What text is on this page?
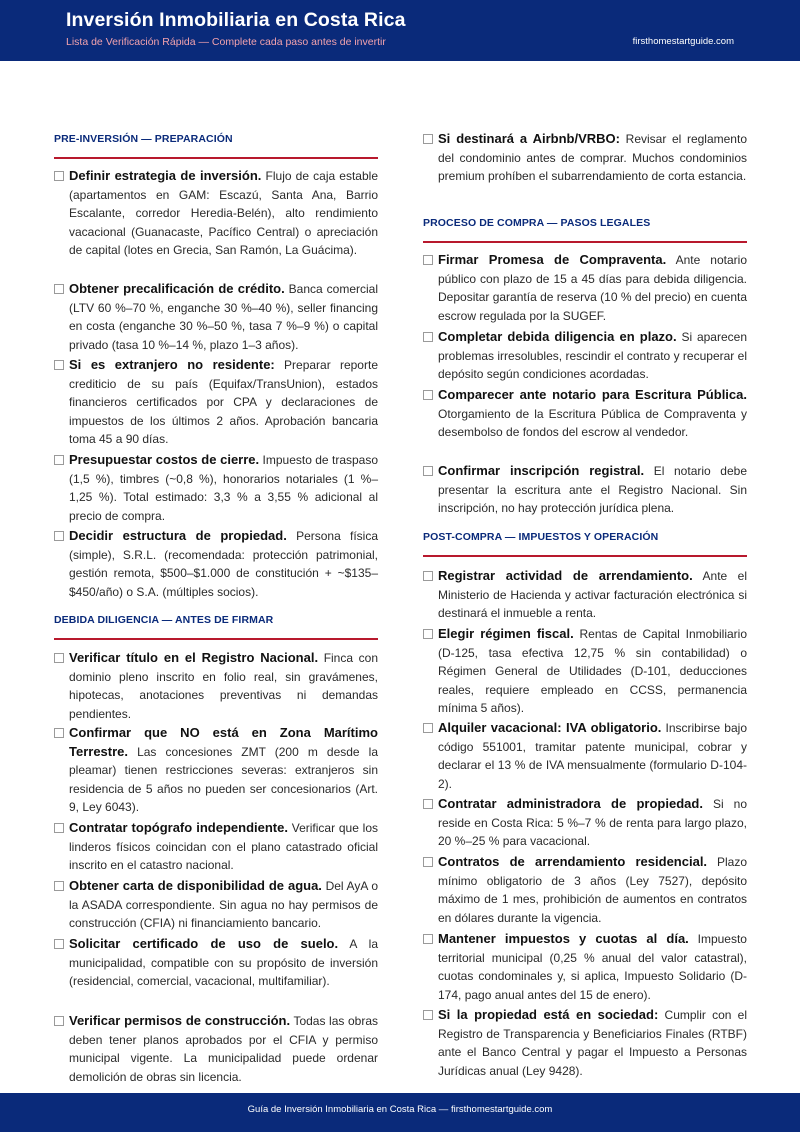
Inversión Inmobiliaria en Costa Rica
Lista de Verificación Rápida — Complete cada paso antes de invertir	firsthomestartguide.com
PRE-INVERSIÓN — PREPARACIÓN
Definir estrategia de inversión. Flujo de caja estable (apartamentos en GAM: Escazú, Santa Ana, Barrio Escalante, corredor Heredia-Belén), alto rendimiento vacacional (Guanacaste, Pacífico Central) o apreciación de capital (lotes en Grecia, San Ramón, La Guácima).
Obtener precalificación de crédito. Banca comercial (LTV 60 %–70 %, enganche 30 %–40 %), seller financing en costa (enganche 30 %–50 %, tasa 7 %–9 %) o capital privado (tasa 10 %–14 %, plazo 1–3 años).
Si es extranjero no residente: Preparar reporte crediticio de su país (Equifax/TransUnion), estados financieros certificados por CPA y declaraciones de impuestos de los últimos 2 años. Aprobación bancaria toma 45 a 90 días.
Presupuestar costos de cierre. Impuesto de traspaso (1,5 %), timbres (~0,8 %), honorarios notariales (1 %–1,25 %). Total estimado: 3,3 % a 3,55 % adicional al precio de compra.
Decidir estructura de propiedad. Persona física (simple), S.R.L. (recomendada: protección patrimonial, gestión remota, $500–$1.000 de constitución + ~$135–$450/año) o S.A. (múltiples socios).
DEBIDA DILIGENCIA — ANTES DE FIRMAR
Verificar título en el Registro Nacional. Finca con dominio pleno inscrito en folio real, sin gravámenes, hipotecas, anotaciones preventivas ni demandas pendientes.
Confirmar que NO está en Zona Marítimo Terrestre. Las concesiones ZMT (200 m desde la pleamar) tienen restricciones severas: extranjeros sin residencia de 5 años no pueden ser concesionarios (Art. 9, Ley 6043).
Contratar topógrafo independiente. Verificar que los linderos físicos coincidan con el plano catastrado oficial inscrito en el catastro nacional.
Obtener carta de disponibilidad de agua. Del AyA o la ASADA correspondiente. Sin agua no hay permisos de construcción (CFIA) ni financiamiento bancario.
Solicitar certificado de uso de suelo. A la municipalidad, compatible con su propósito de inversión (residencial, comercial, vacacional, multifamiliar).
Verificar permisos de construcción. Todas las obras deben tener planos aprobados por el CFIA y permiso municipal vigente. La municipalidad puede ordenar demolición de obras sin licencia.
Si destinará a Airbnb/VRBO: Revisar el reglamento del condominio antes de comprar. Muchos condominios premium prohíben el subarrendamiento de corta estancia.
PROCESO DE COMPRA — PASOS LEGALES
Firmar Promesa de Compraventa. Ante notario público con plazo de 15 a 45 días para debida diligencia. Depositar garantía de reserva (10 % del precio) en cuenta escrow regulada por la SUGEF.
Completar debida diligencia en plazo. Si aparecen problemas irresolubles, rescindir el contrato y recuperar el depósito según condiciones acordadas.
Comparecer ante notario para Escritura Pública. Otorgamiento de la Escritura Pública de Compraventa y desembolso de fondos del escrow al vendedor.
Confirmar inscripción registral. El notario debe presentar la escritura ante el Registro Nacional. Sin inscripción, no hay protección jurídica plena.
POST-COMPRA — IMPUESTOS Y OPERACIÓN
Registrar actividad de arrendamiento. Ante el Ministerio de Hacienda y activar facturación electrónica si destinará el inmueble a renta.
Elegir régimen fiscal. Rentas de Capital Inmobiliario (D-125, tasa efectiva 12,75 % sin contabilidad) o Régimen General de Utilidades (D-101, deducciones reales, requiere empleado en CCSS, permanencia mínima 5 años).
Alquiler vacacional: IVA obligatorio. Inscribirse bajo código 551001, tramitar patente municipal, cobrar y declarar el 13 % de IVA mensualmente (formulario D-104-2).
Contratar administradora de propiedad. Si no reside en Costa Rica: 5 %–7 % de renta para largo plazo, 20 %–25 % para vacacional.
Contratos de arrendamiento residencial. Plazo mínimo obligatorio de 3 años (Ley 7527), depósito máximo de 1 mes, prohibición de aumentos en contratos en dólares durante la vigencia.
Mantener impuestos y cuotas al día. Impuesto territorial municipal (0,25 % anual del valor catastral), cuotas condominales y, si aplica, Impuesto Solidario (D-174, pago anual antes del 15 de enero).
Si la propiedad está en sociedad: Cumplir con el Registro de Transparencia y Beneficiarios Finales (RTBF) ante el Banco Central y pagar el Impuesto a Personas Jurídicas anual (Ley 9428).
Guía de Inversión Inmobiliaria en Costa Rica — firsthomestartguide.com
